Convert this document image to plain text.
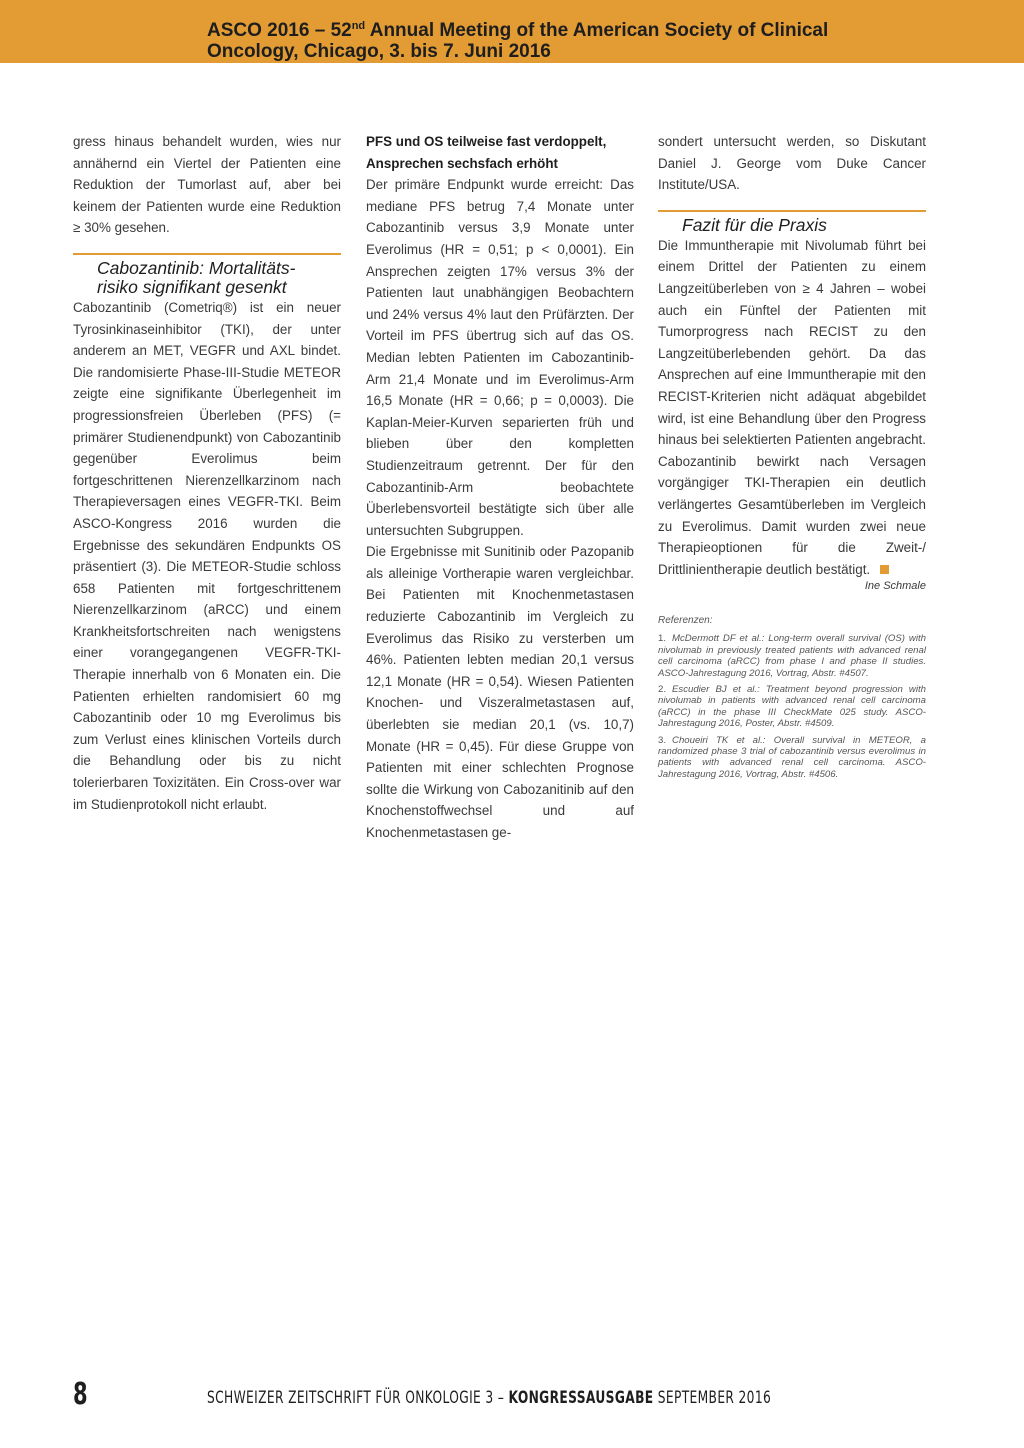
ASCO 2016 – 52nd Annual Meeting of the American Society of Clinical
Oncology, Chicago, 3. bis 7. Juni 2016

gress hinaus behandelt wurden, wies nur annähernd ein Viertel der Patienten eine Reduktion der Tumorlast auf, aber bei keinem der Patienten wurde eine Reduktion ≥ 30% gesehen.

Cabozantinib: Mortalitäts-
risiko signifikant gesenkt

Cabozantinib (Cometriq®) ist ein neuer Tyrosinkinaseinhibitor (TKI), der unter anderem an MET, VEGFR und AXL bindet. Die randomisierte Phase-III-Studie METEOR zeigte eine signifikante Überlegenheit im progressionsfreien Überleben (PFS) (= primärer Studienendpunkt) von Cabozantinib gegenüber Everolimus beim fortgeschrittenen Nierenzellkarzinom nach Therapieversagen eines VEGFR-TKI. Beim ASCO-Kongress 2016 wurden die Ergebnisse des sekundären Endpunkts OS präsentiert (3). Die METEOR-Studie schloss 658 Patienten mit fortgeschrittenem Nierenzellkarzinom (aRCC) und einem Krankheitsfortschreiten nach wenigstens einer vorangegangenen VEGFR-TKI-Therapie innerhalb von 6 Monaten ein. Die Patienten erhielten randomisiert 60 mg Cabozantinib oder 10 mg Everolimus bis zum Verlust eines klinischen Vorteils durch die Behandlung oder bis zu nicht tolerierbaren Toxizitäten. Ein Cross-over war im Studienprotokoll nicht erlaubt.

PFS und OS teilweise fast verdoppelt,
Ansprechen sechsfach erhöht

Der primäre Endpunkt wurde erreicht: Das mediane PFS betrug 7,4 Monate unter Cabozantinib versus 3,9 Monate unter Everolimus (HR = 0,51; p < 0,0001). Ein Ansprechen zeigten 17% versus 3% der Patienten laut unabhängigen Beobachtern und 24% versus 4% laut den Prüfärzten. Der Vorteil im PFS übertrug sich auf das OS. Median lebten Patienten im Cabozantinib-Arm 21,4 Monate und im Everolimus-Arm 16,5 Monate (HR = 0,66; p = 0,0003). Die Kaplan-Meier-Kurven separierten früh und blieben über den kompletten Studienzeitraum getrennt. Der für den Cabozantinib-Arm beobachtete Überlebensvorteil bestätigte sich über alle untersuchten Subgruppen.

Die Ergebnisse mit Sunitinib oder Pazopanib als alleinige Vortherapie waren vergleichbar. Bei Patienten mit Knochenmetastasen reduzierte Cabozantinib im Vergleich zu Everolimus das Risiko zu versterben um 46%. Patienten lebten median 20,1 versus 12,1 Monate (HR = 0,54). Wiesen Patienten Knochen- und Viszeralmetastasen auf, überlebten sie median 20,1 (vs. 10,7) Monate (HR = 0,45). Für diese Gruppe von Patienten mit einer schlechten Prognose sollte die Wirkung von Cabozanitinib auf den Knochenstoffwechsel und auf Knochenmetastasen ge-

sondert untersucht werden, so Diskutant Daniel J. George vom Duke Cancer Institute/USA.

Fazit für die Praxis

Die Immuntherapie mit Nivolumab führt bei einem Drittel der Patienten zu einem Langzeitüberleben von ≥ 4 Jahren – wobei auch ein Fünftel der Patienten mit Tumorprogress nach RECIST zu den Langzeitüberlebenden gehört. Da das Ansprechen auf eine Immuntherapie mit den RECIST-Kriterien nicht adäquat abgebildet wird, ist eine Behandlung über den Progress hinaus bei selektierten Patienten angebracht.

Cabozantinib bewirkt nach Versagen vorgängiger TKI-Therapien ein deutlich verlängertes Gesamtüberleben im Vergleich zu Everolimus. Damit wurden zwei neue Therapieoptionen für die Zweit-/ Drittlinientherapie deutlich bestätigt.

Ine Schmale
Referenzen:
1. McDermott DF et al.: Long-term overall survival (OS) with nivolumab in previously treated patients with advanced renal cell carcinoma (aRCC) from phase I and phase II studies. ASCO-Jahrestagung 2016, Vortrag, Abstr. #4507.
2. Escudier BJ et al.: Treatment beyond progression with nivolumab in patients with advanced renal cell carcinoma (aRCC) in the phase III CheckMate 025 study. ASCO-Jahrestagung 2016, Poster, Abstr. #4509.
3. Choueiri TK et al.: Overall survival in METEOR, a randomized phase 3 trial of cabozantinib versus everolimus in patients with advanced renal cell carcinoma. ASCO-Jahrestagung 2016, Vortrag, Abstr. #4506.
8	SCHWEIZER ZEITSCHRIFT FÜR ONKOLOGIE 3 – KONGRESSAUSGABE SEPTEMBER 2016
